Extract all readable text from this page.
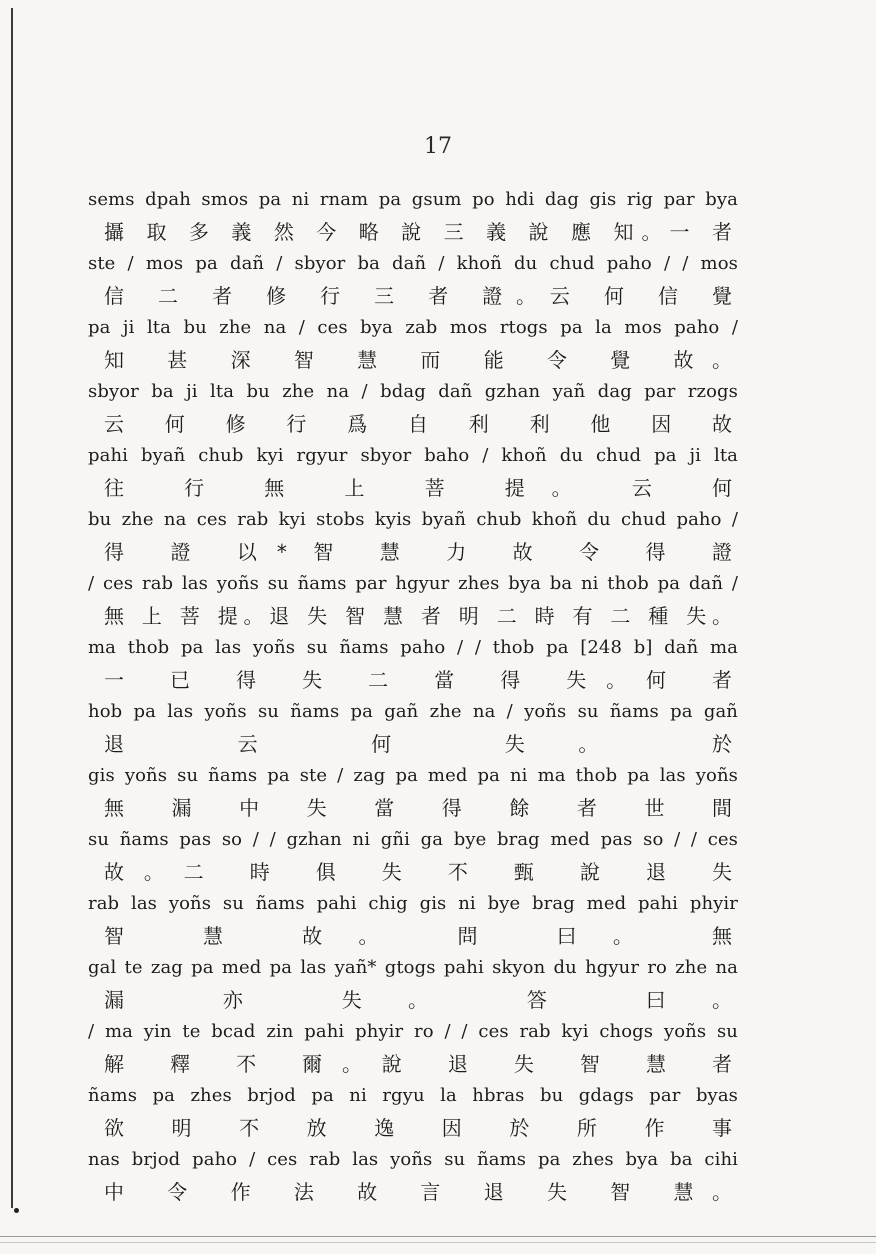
17
sems dpah smos pa ni rnam pa gsum po hdi dag gis rig par bya
攝 取 多 義 然 今 略 說 三 義 說 應 知。一 者
ste / mos pa dañ / sbyor ba dañ / khoñ du chud paho / / mos
信 二 者 修 行 三 者 證。云 何 信 覺
pa ji lta bu zhe na / ces bya zab mos rtogs pa la mos paho /
知 甚 深 智 慧 而 能 令 覺 故。
sbyor ba ji lta bu zhe na / bdag dañ gzhan yañ dag par rzogs
云 何 修 行 爲 自 利 利 他 因 故
pahi byañ chub kyi rgyur sbyor baho / khoñ du chud pa ji lta
往 行 無 上 菩 提。 云 何
bu zhe na ces rab kyi stobs kyis byañ chub khoñ du chud paho /
得 證 以* 智 慧 力 故 令 得 證
/ ces rab las yoñs su ñams par hgyur zhes bya ba ni thob pa dañ /
無 上 菩 提。退 失 智 慧 者 明 二 時 有 二 種 失。
ma thob pa las yoñs su ñams paho / / thob pa [248 b] dañ ma
一 已 得 失 二 當 得 失。何 者
hob pa las yoñs su ñams pa gañ zhe na / yoñs su ñams pa gañ
退 云 何 失。 於
gis yoñs su ñams pa ste / zag pa med pa ni ma thob pa las yoñs
無 漏 中 失 當 得 餘 者 世 間
su ñams pas so / / gzhan ni gñi ga bye brag med pas so / / ces
故。二 時 俱 失 不 甄 說 退 失
rab las yoñs su ñams pahi chig gis ni bye brag med pahi phyir
智 慧 故。 問 曰。 無
gal te zag pa med pa las yañ* gtogs pahi skyon du hgyur ro zhe na
漏 亦 失。 答 曰。
/ ma yin te bcad zin pahi phyir ro / / ces rab kyi chogs yoñs su
解 釋 不 爾。說 退 失 智 慧 者
ñams pa zhes brjod pa ni rgyu la hbras bu gdags par byas
欲 明 不 放 逸 因 於 所 作 事
nas brjod paho / ces rab las yoñs su ñams pa zhes bya ba cihi
中 令 作 法 故 言 退 失 智 慧。
